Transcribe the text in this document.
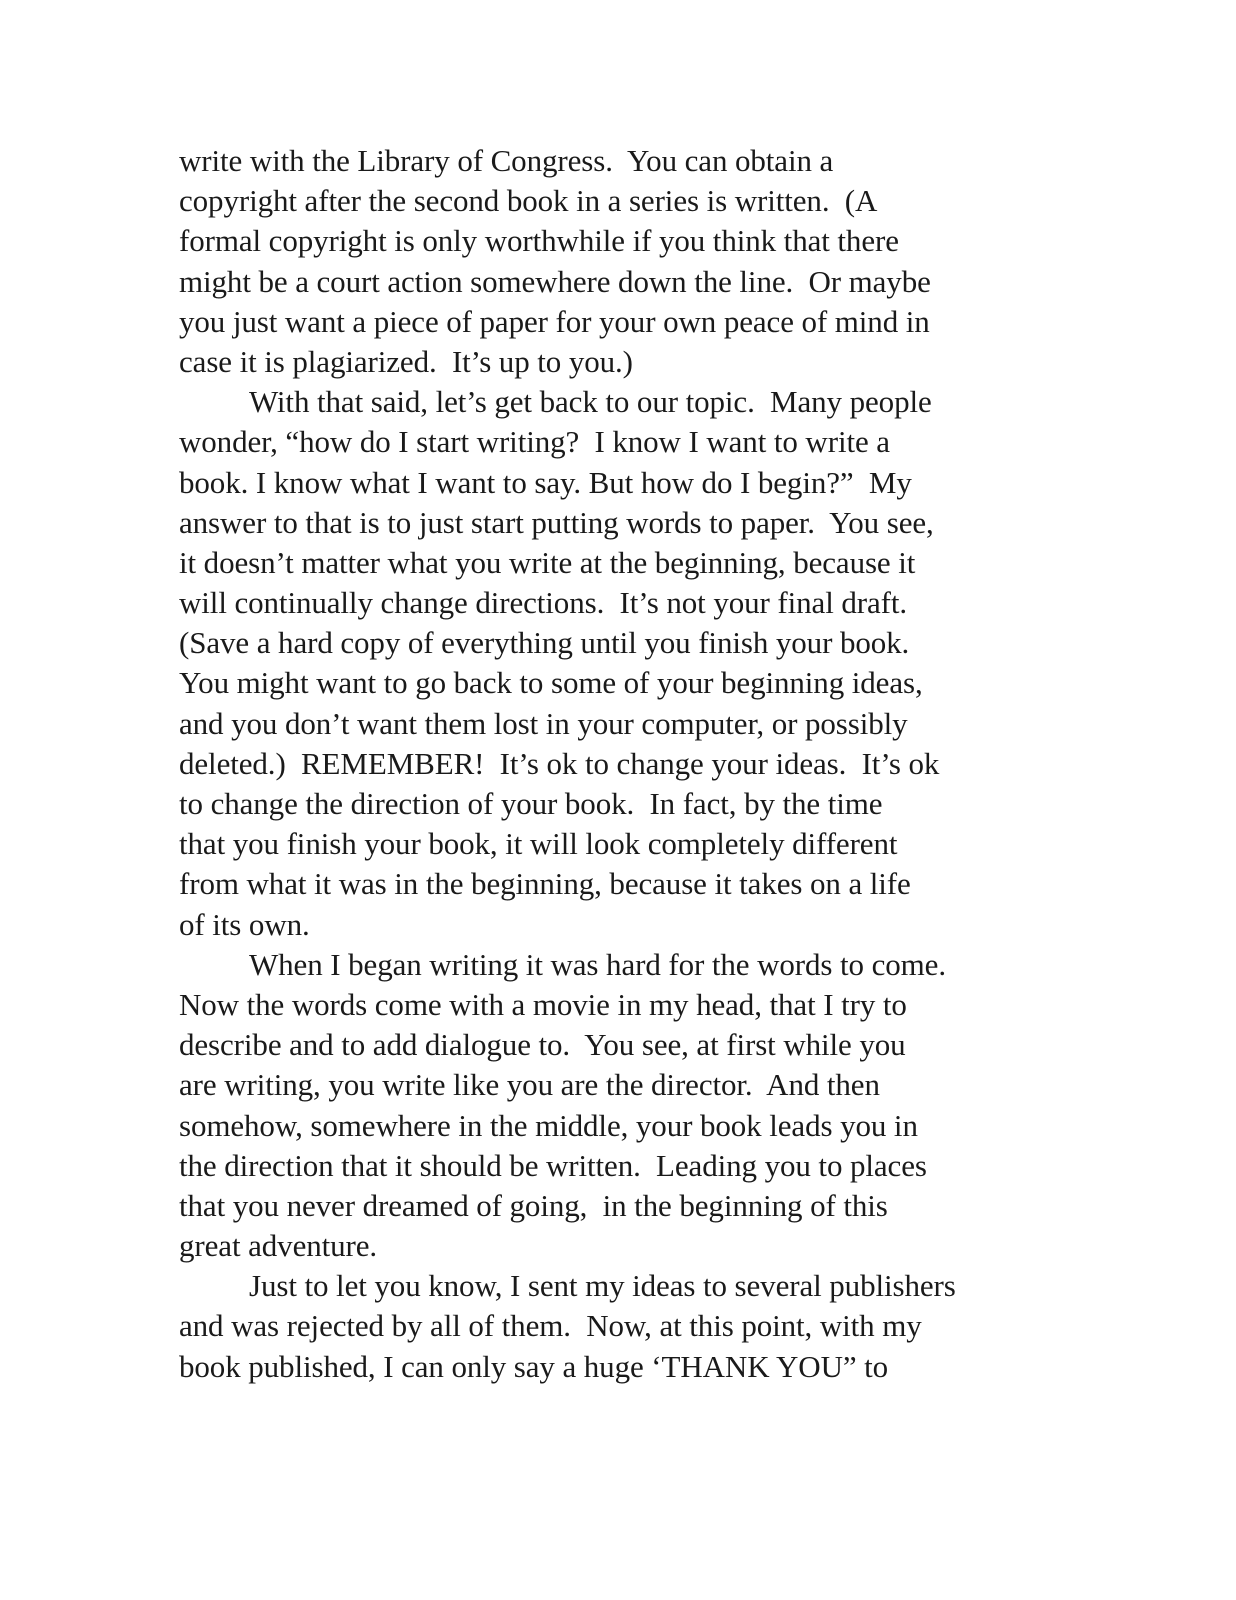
write with the Library of Congress.  You can obtain a
copyright after the second book in a series is written.  (A
formal copyright is only worthwhile if you think that there
might be a court action somewhere down the line.  Or maybe
you just want a piece of paper for your own peace of mind in
case it is plagiarized.  It’s up to you.)
With that said, let’s get back to our topic.  Many people
wonder, “how do I start writing?  I know I want to write a
book. I know what I want to say. But how do I begin?”  My
answer to that is to just start putting words to paper.  You see,
it doesn’t matter what you write at the beginning, because it
will continually change directions.  It’s not your final draft.
(Save a hard copy of everything until you finish your book.
You might want to go back to some of your beginning ideas,
and you don’t want them lost in your computer, or possibly
deleted.)  REMEMBER!  It’s ok to change your ideas.  It’s ok
to change the direction of your book.  In fact, by the time
that you finish your book, it will look completely different
from what it was in the beginning, because it takes on a life
of its own.
When I began writing it was hard for the words to come.
Now the words come with a movie in my head, that I try to
describe and to add dialogue to.  You see, at first while you
are writing, you write like you are the director.  And then
somehow, somewhere in the middle, your book leads you in
the direction that it should be written.  Leading you to places
that you never dreamed of going,  in the beginning of this
great adventure.
Just to let you know, I sent my ideas to several publishers
and was rejected by all of them.  Now, at this point, with my
book published, I can only say a huge ‘THANK YOU” to
